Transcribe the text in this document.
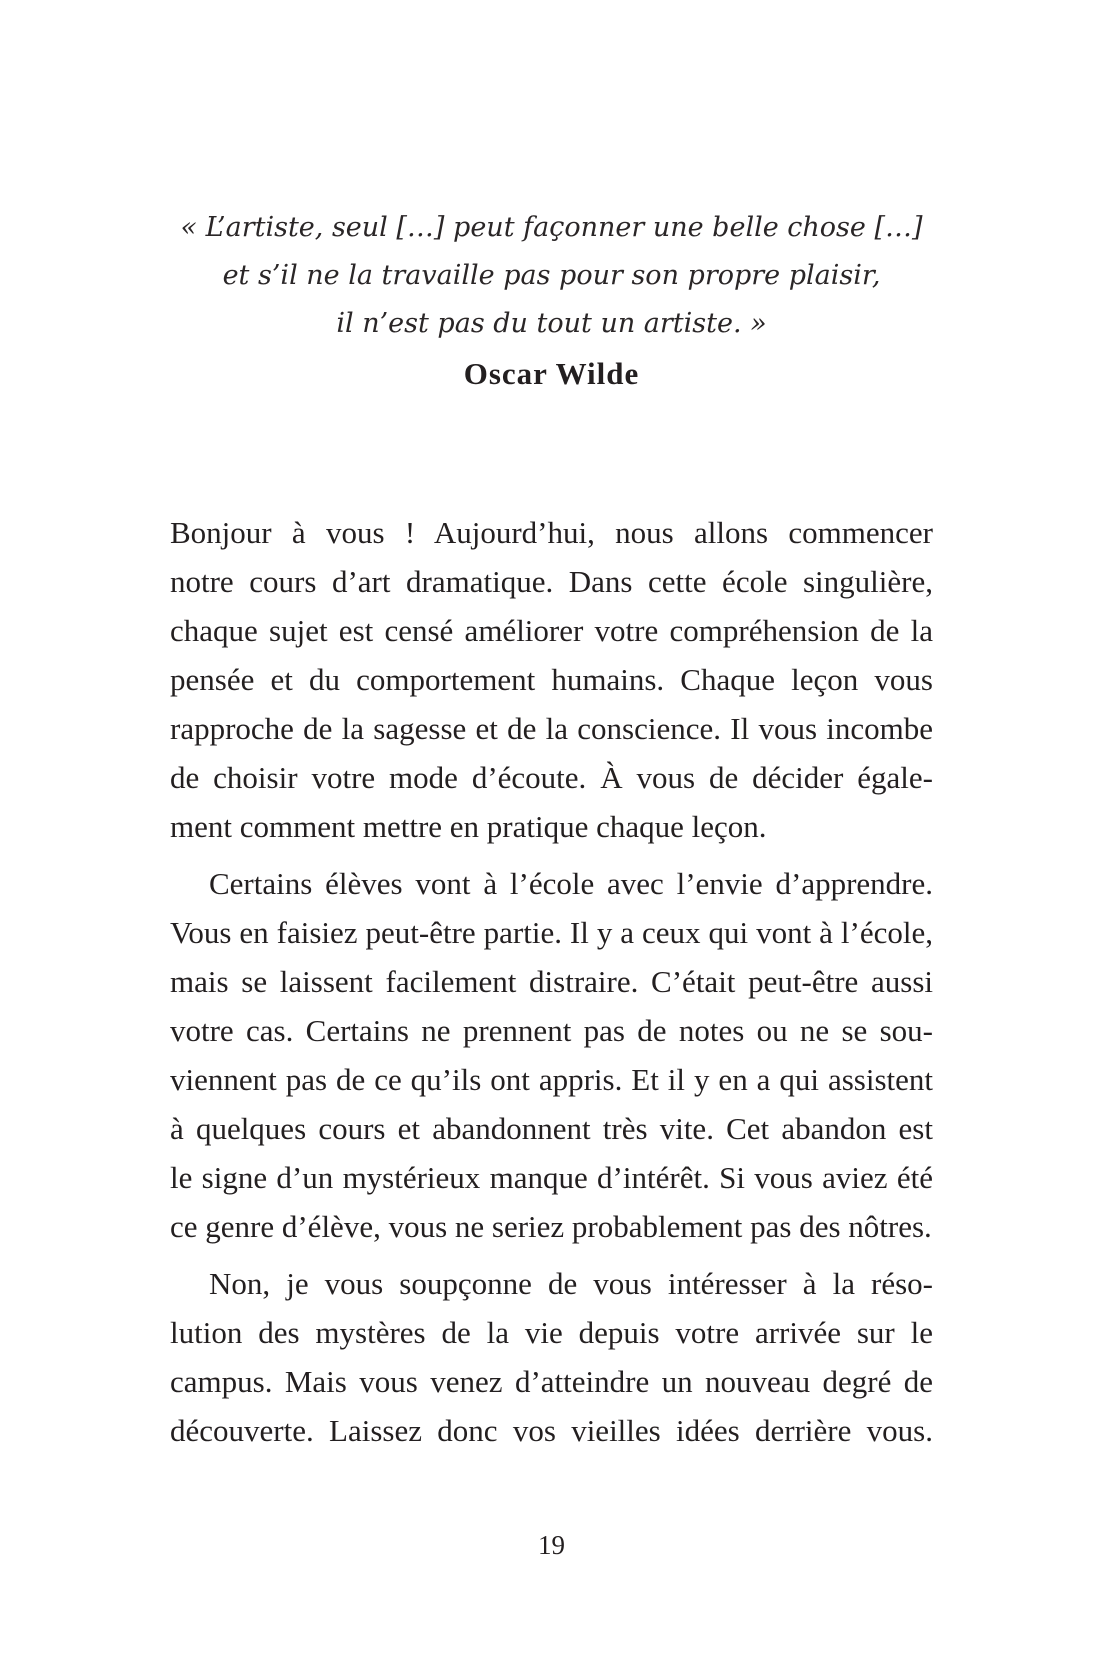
« L’artiste, seul […] peut façonner une belle chose […]
et s’il ne la travaille pas pour son propre plaisir,
il n’est pas du tout un artiste. »
Oscar Wilde
Bonjour à vous ! Aujourd’hui, nous allons commencer
notre cours d’art dramatique. Dans cette école singulière,
chaque sujet est censé améliorer votre compréhension de la
pensée et du comportement humains. Chaque leçon vous
rapproche de la sagesse et de la conscience. Il vous incombe
de choisir votre mode d’écoute. À vous de décider égale-
ment comment mettre en pratique chaque leçon.
Certains élèves vont à l’école avec l’envie d’apprendre.
Vous en faisiez peut-être partie. Il y a ceux qui vont à l’école,
mais se laissent facilement distraire. C’était peut-être aussi
votre cas. Certains ne prennent pas de notes ou ne se sou-
viennent pas de ce qu’ils ont appris. Et il y en a qui assistent
à quelques cours et abandonnent très vite. Cet abandon est
le signe d’un mystérieux manque d’intérêt. Si vous aviez été
ce genre d’élève, vous ne seriez probablement pas des nôtres.
Non, je vous soupçonne de vous intéresser à la réso-
lution des mystères de la vie depuis votre arrivée sur le
campus. Mais vous venez d’atteindre un nouveau degré de
découverte. Laissez donc vos vieilles idées derrière vous.
19
